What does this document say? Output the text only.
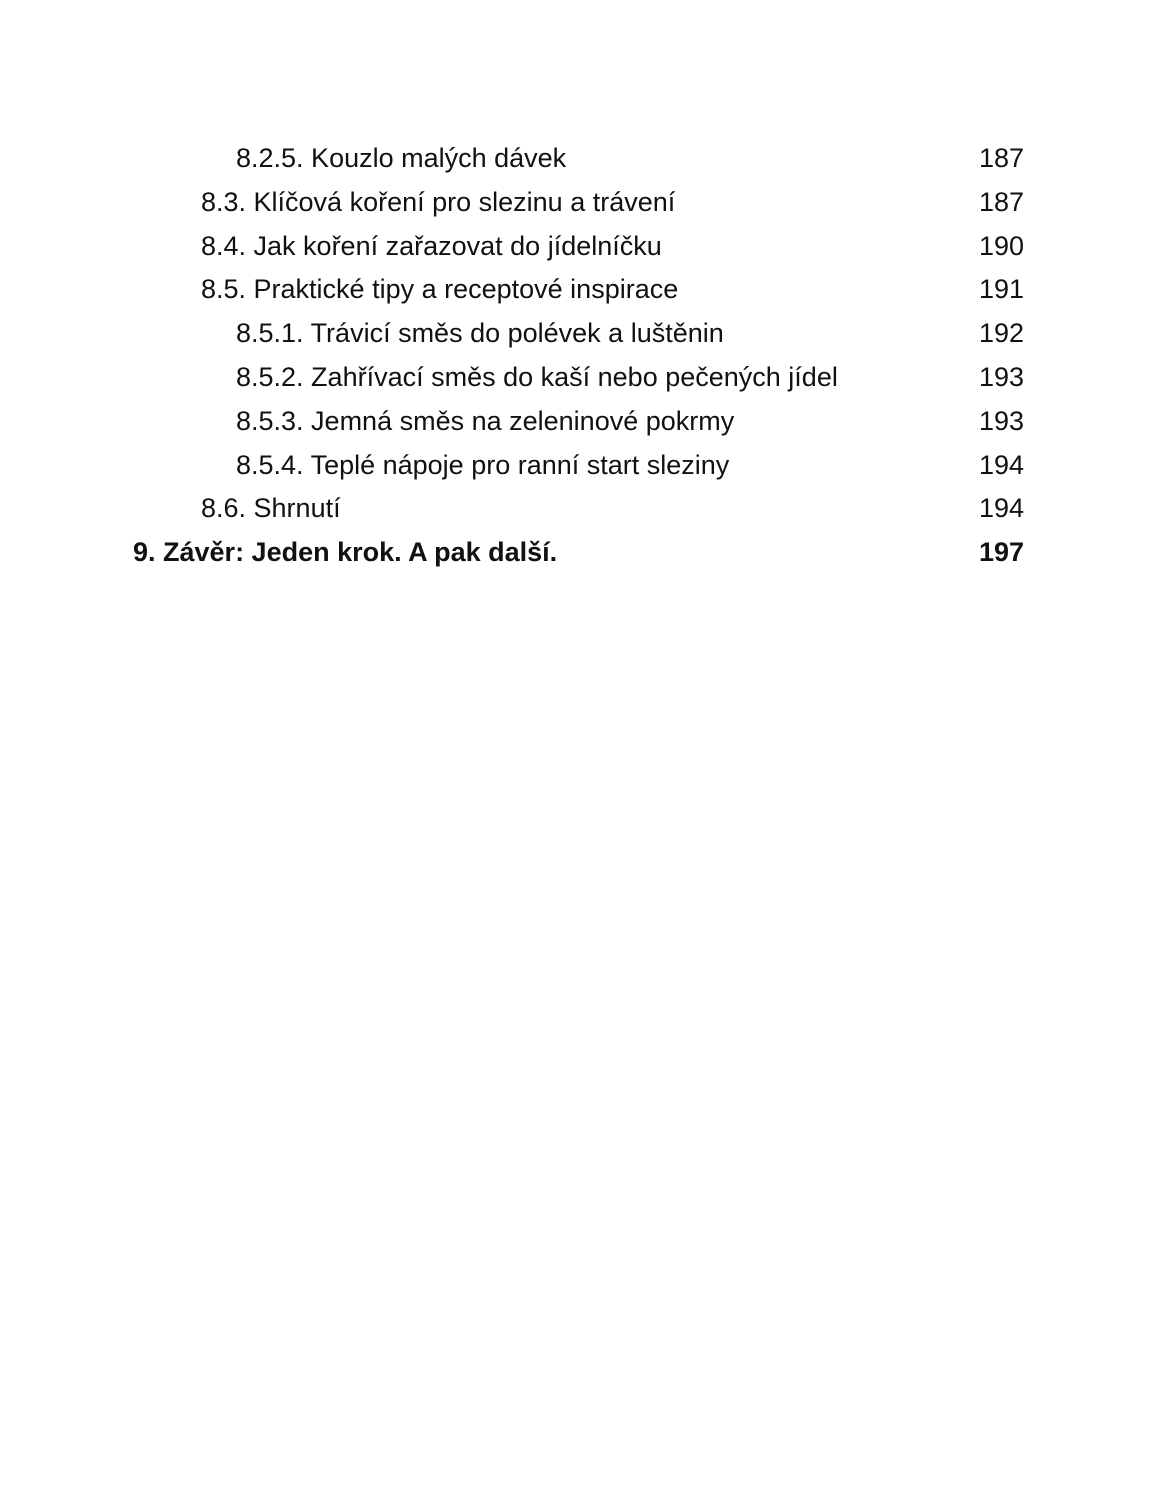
8.2.5. Kouzlo malých dávek	187
8.3. Klíčová koření pro slezinu a trávení	187
8.4. Jak koření zařazovat do jídelníčku	190
8.5. Praktické tipy a receptové inspirace	191
8.5.1. Trávicí směs do polévek a luštěnin	192
8.5.2. Zahřívací směs do kaší nebo pečených jídel	193
8.5.3. Jemná směs na zeleninové pokrmy	193
8.5.4. Teplé nápoje pro ranní start sleziny	194
8.6. Shrnutí	194
9. Závěr: Jeden krok. A pak další.	197
